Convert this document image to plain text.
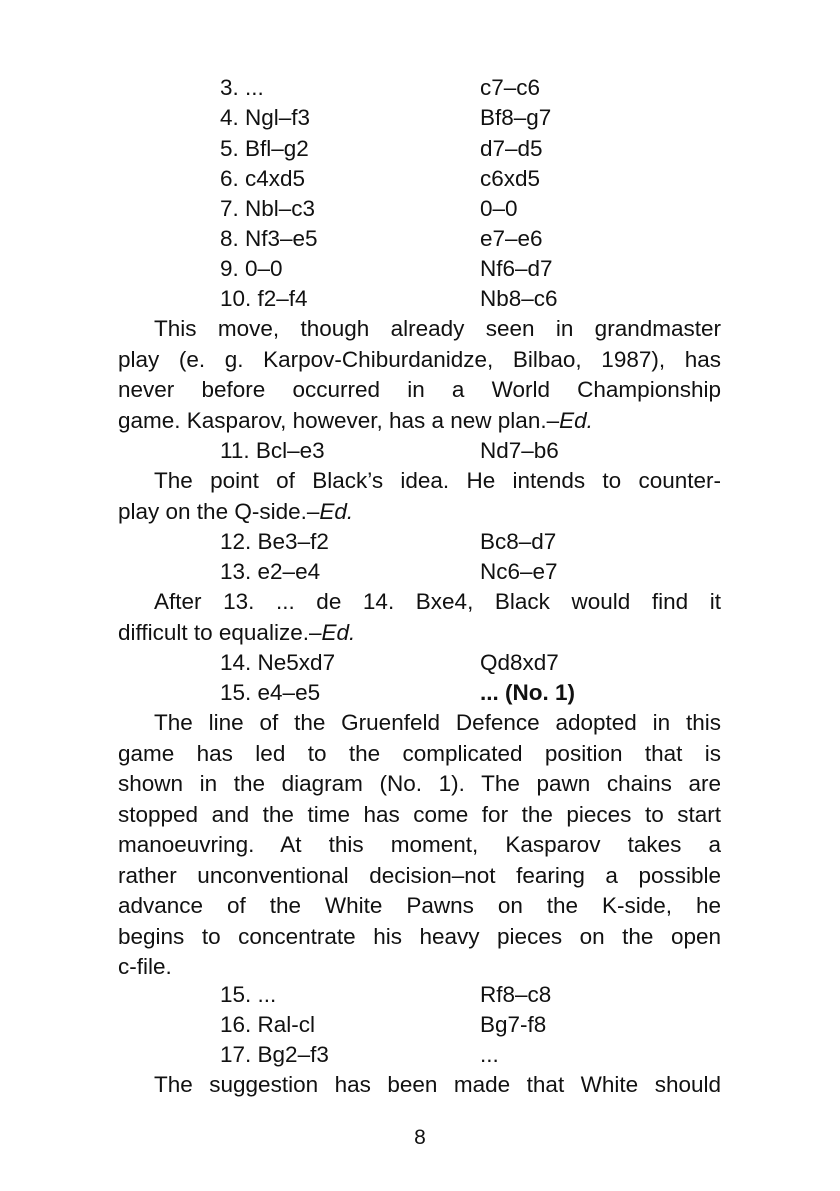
3. ...	c7–c6
4. Ngl–f3	Bf8–g7
5. Bfl–g2	d7–d5
6. c4xd5	c6xd5
7. Nbl–c3	0–0
8. Nf3–e5	e7–e6
9. 0–0	Nf6–d7
10. f2–f4	Nb8–c6
This move, though already seen in grandmaster
play (e. g. Karpov-Chiburdanidze, Bilbao, 1987), has
never before occurred in a World Championship
game. Kasparov, however, has a new plan.–Ed.
11. Bcl–e3	Nd7–b6
The point of Black’s idea. He intends to counter-
play on the Q-side.–Ed.
12. Be3–f2	Bc8–d7
13. e2–e4	Nc6–e7
After 13. ... de 14. Bxe4, Black would find it
difficult to equalize.–Ed.
14. Ne5xd7	Qd8xd7
15. e4–e5	... (No. 1)
The line of the Gruenfeld Defence adopted in this
game has led to the complicated position that is
shown in the diagram (No. 1). The pawn chains are
stopped and the time has come for the pieces to start
manoeuvring. At this moment, Kasparov takes a
rather unconventional decision–not fearing a possible
advance of the White Pawns on the K-side, he
begins to concentrate his heavy pieces on the open
c-file.
15. ...	Rf8–c8
16. Ral-cl	Bg7-f8
17. Bg2–f3	...
The suggestion has been made that White should
8
